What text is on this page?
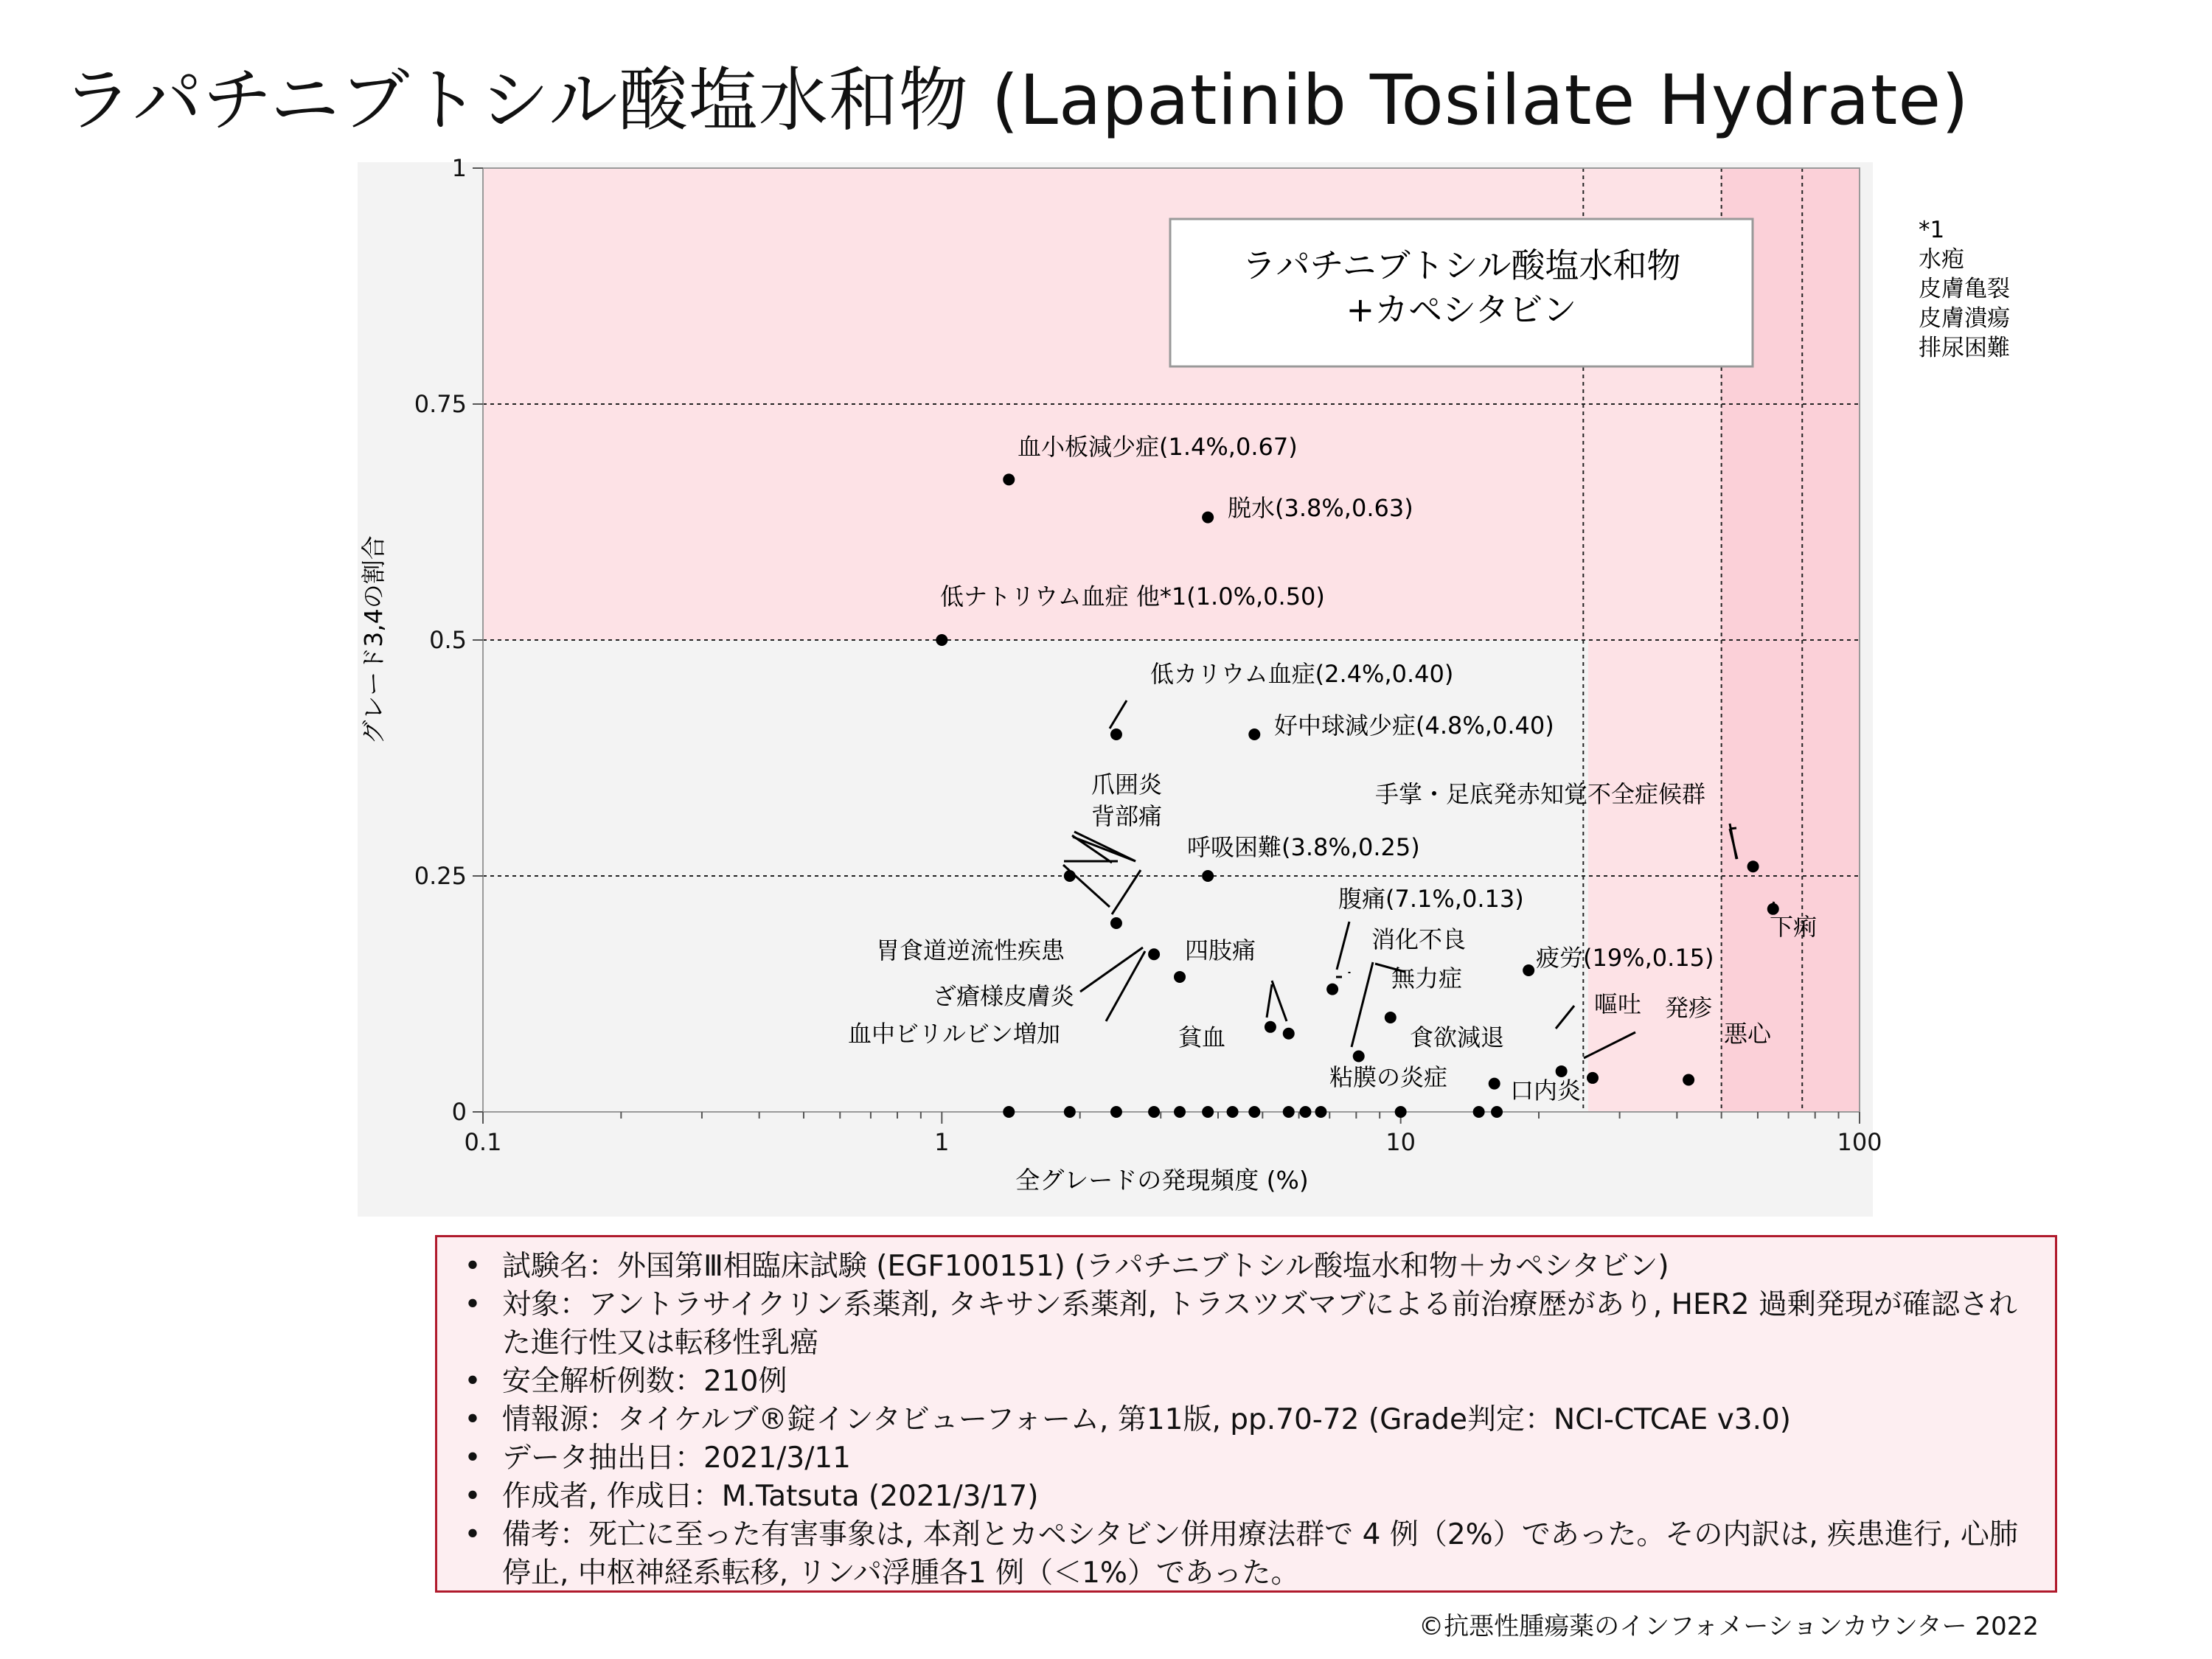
ラパチニブトシル酸塩水和物 (Lapatinib Tosilate Hydrate)
0.1	1	10	100
0
0.25
0.5
0.75
1
ラパチニブトシル酸塩水和物
+カペシタビン
*1
水疱
皮膚亀裂
皮膚潰瘍
排尿困難
血小板減少症(1.4%,0.67)
脱水(3.8%,0.63)
低ナトリウム血症 他*1(1.0%,0.50)
低カリウム血症(2.4%,0.40)
好中球減少症(4.8%,0.40)
爪囲炎
背部痛
呼吸困難(3.8%,0.25)
手掌・足底発赤知覚不全症候群
下痢
腹痛(7.1%,0.13)
消化不良
無力症
疲労(19%,0.15)
胃食道逆流性疾患	四肢痛
ざ瘡様皮膚炎
血中ビリルビン増加	貧血
嘔吐 発疹
悪心
食欲減退
粘膜の炎症	口内炎
全グレードの発現頻度 (%)
グレード3,4の割合
• 試験名：外国第Ⅲ相臨床試験 (EGF100151) (ラパチニブトシル酸塩水和物＋カペシタビン)
• 対象：アントラサイクリン系薬剤, タキサン系薬剤, トラスツズマブによる前治療歴があり, HER2 過剰発現が確認された進行性又は転移性乳癌
• 安全解析例数：210例
• 情報源：タイケルブ®錠インタビューフォーム, 第11版, pp.70-72 (Grade判定：NCI-CTCAE v3.0)
• データ抽出日：2021/3/11
• 作成者, 作成日：M.Tatsuta (2021/3/17)
• 備考：死亡に至った有害事象は, 本剤とカペシタビン併用療法群で 4 例（2%）であった。その内訳は, 疾患進行, 心肺停止, 中枢神経系転移, リンパ浮腫各1 例（＜1%）であった。
©抗悪性腫瘍薬のインフォメーションカウンター 2022
